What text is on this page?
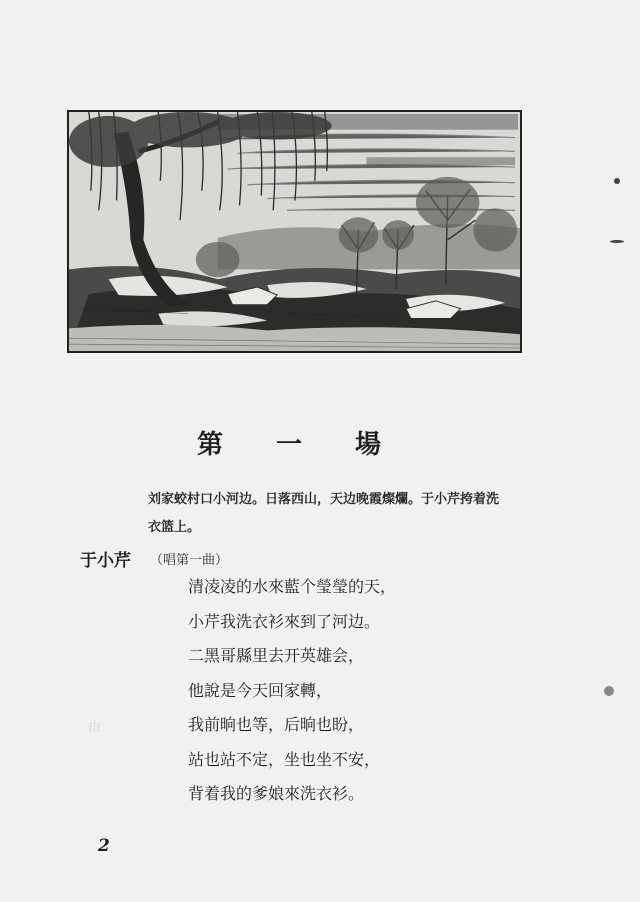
第 一 場
刘家蛟村口小河边。日落西山，天边晚霞燦爛。于小芹挎着洗衣篮上。
于小芹 （唱第一曲）
清凌凌的水來藍个瑩瑩的天，
小芹我洗衣衫來到了河边。
二黑哥縣里去开英雄会，
他說是今天回家轉，
我前晌也等，后晌也盼，
站也站不定，坐也坐不安，
背着我的爹娘來洗衣衫。
由
2
